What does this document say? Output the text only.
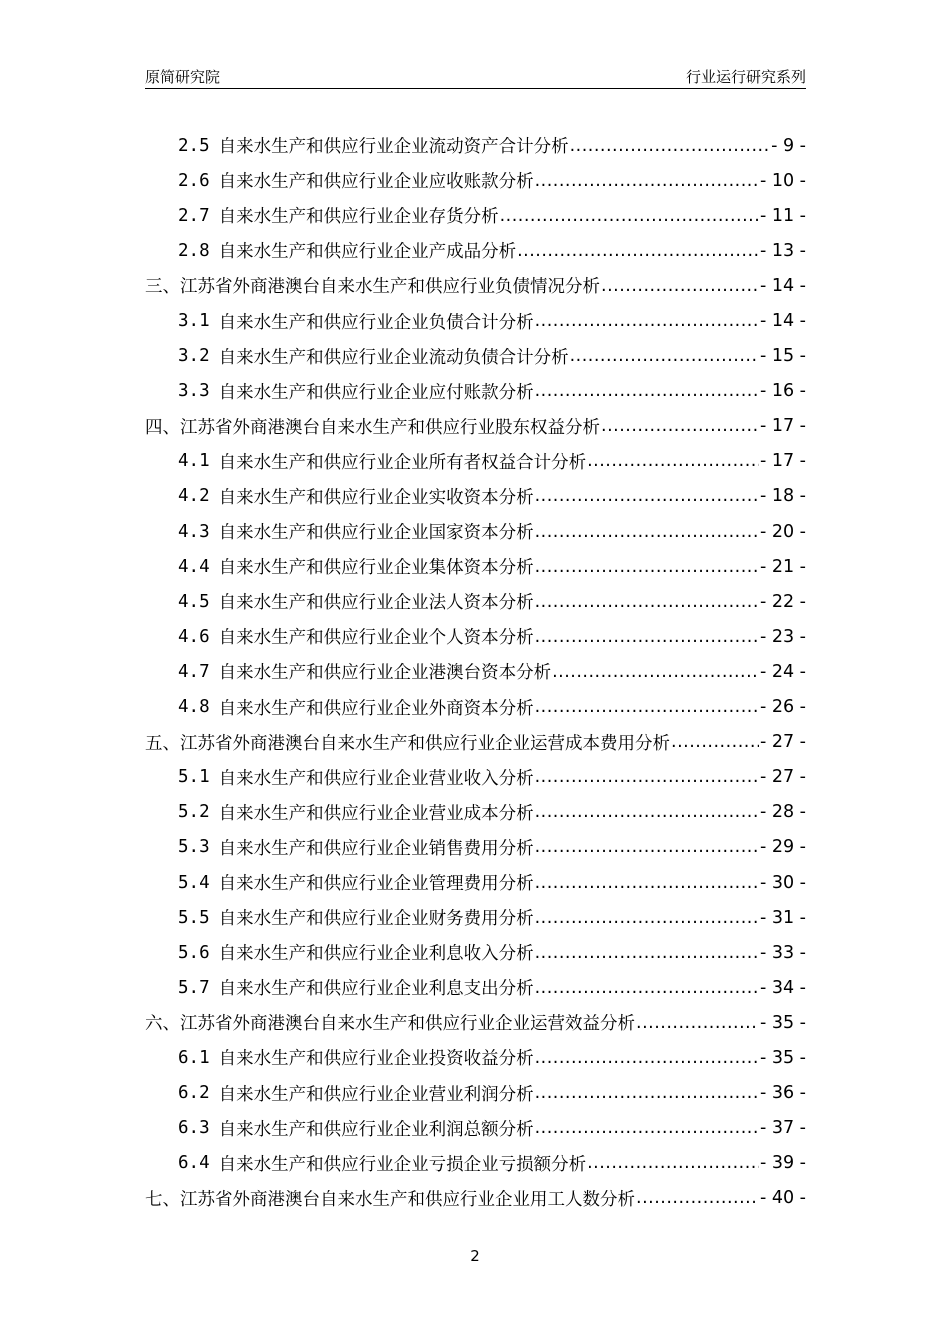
原简研究院	行业运行研究系列
2.5 自来水生产和供应行业企业流动资产合计分析 .....	- 9 -
2.6 自来水生产和供应行业企业应收账款分析 .....	- 10 -
2.7 自来水生产和供应行业企业存货分析 .....	- 11 -
2.8 自来水生产和供应行业企业产成品分析 .....	- 13 -
三、江苏省外商港澳台自来水生产和供应行业负债情况分析 .....	- 14 -
3.1 自来水生产和供应行业企业负债合计分析 .....	- 14 -
3.2 自来水生产和供应行业企业流动负债合计分析 .....	- 15 -
3.3 自来水生产和供应行业企业应付账款分析 .....	- 16 -
四、江苏省外商港澳台自来水生产和供应行业股东权益分析 .....	- 17 -
4.1 自来水生产和供应行业企业所有者权益合计分析 .....	- 17 -
4.2 自来水生产和供应行业企业实收资本分析 .....	- 18 -
4.3 自来水生产和供应行业企业国家资本分析 .....	- 20 -
4.4 自来水生产和供应行业企业集体资本分析 .....	- 21 -
4.5 自来水生产和供应行业企业法人资本分析 .....	- 22 -
4.6 自来水生产和供应行业企业个人资本分析 .....	- 23 -
4.7 自来水生产和供应行业企业港澳台资本分析 .....	- 24 -
4.8 自来水生产和供应行业企业外商资本分析 .....	- 26 -
五、江苏省外商港澳台自来水生产和供应行业企业运营成本费用分析 .....	- 27 -
5.1 自来水生产和供应行业企业营业收入分析 .....	- 27 -
5.2 自来水生产和供应行业企业营业成本分析 .....	- 28 -
5.3 自来水生产和供应行业企业销售费用分析 .....	- 29 -
5.4 自来水生产和供应行业企业管理费用分析 .....	- 30 -
5.5 自来水生产和供应行业企业财务费用分析 .....	- 31 -
5.6 自来水生产和供应行业企业利息收入分析 .....	- 33 -
5.7 自来水生产和供应行业企业利息支出分析 .....	- 34 -
六、江苏省外商港澳台自来水生产和供应行业企业运营效益分析 .....	- 35 -
6.1 自来水生产和供应行业企业投资收益分析 .....	- 35 -
6.2 自来水生产和供应行业企业营业利润分析 .....	- 36 -
6.3 自来水生产和供应行业企业利润总额分析 .....	- 37 -
6.4 自来水生产和供应行业企业亏损企业亏损额分析 .....	- 39 -
七、江苏省外商港澳台自来水生产和供应行业企业用工人数分析 .....	- 40 -
2
